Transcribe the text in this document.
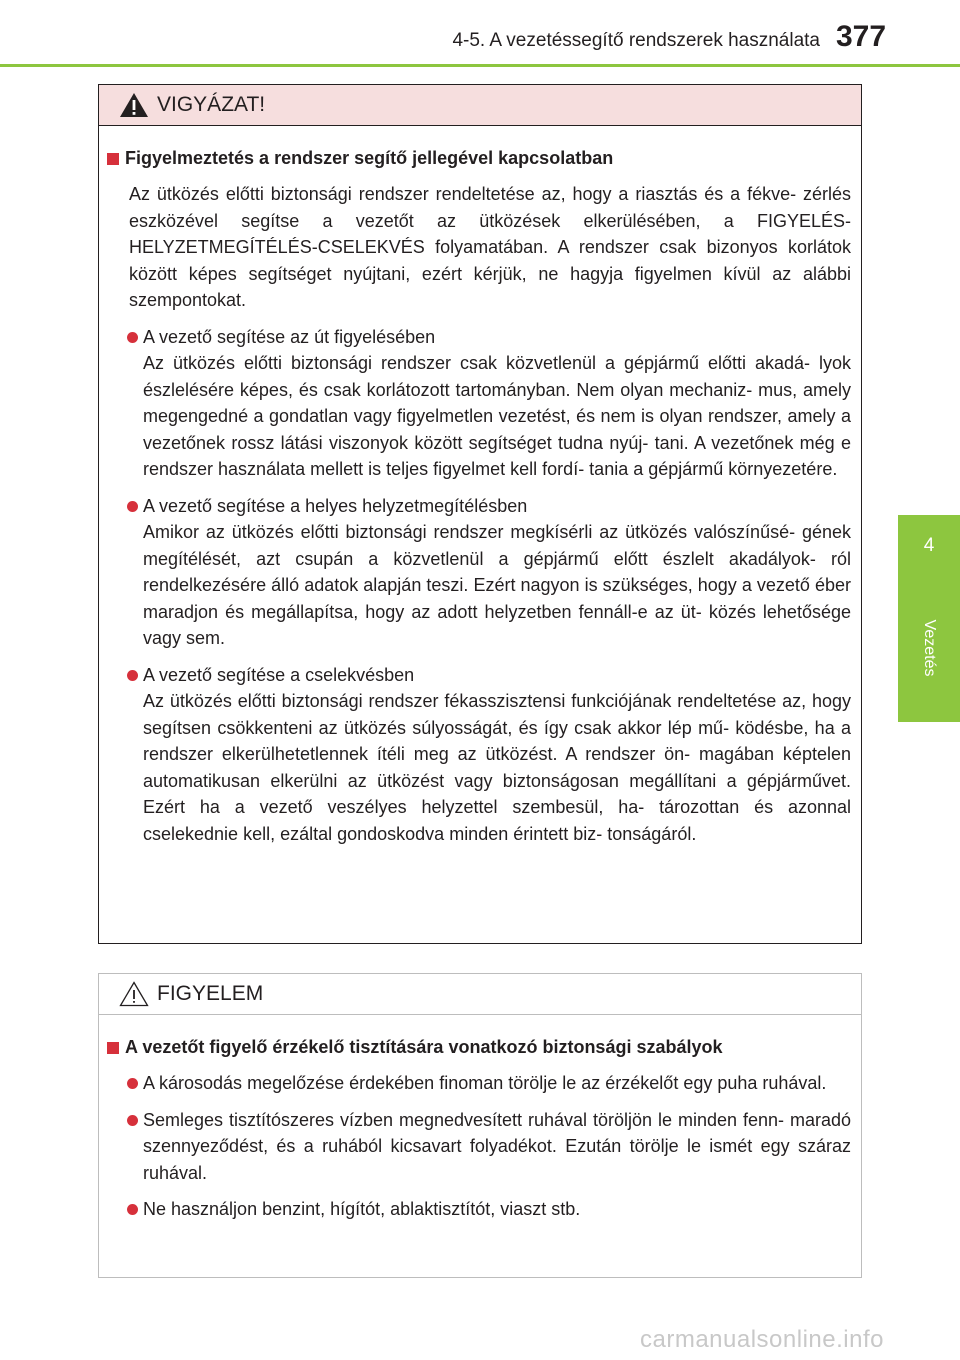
4-5. A vezetéssegítő rendszerek használata 377
4
Vezetés
VIGYÁZAT!
Figyelmeztetés a rendszer segítő jellegével kapcsolatban

Az ütközés előtti biztonsági rendszer rendeltetése az, hogy a riasztás és a fékve- zérlés eszközével segítse a vezetőt az ütközések elkerülésében, a FIGYELÉS-HELYZETMEGÍTÉLÉS-CSELEKVÉS folyamatában. A rendszer csak bizonyos korlátok között képes segítséget nyújtani, ezért kérjük, ne hagyja figyelmen kívül az alábbi szempontokat.

A vezető segítése az út figyelésében
Az ütközés előtti biztonsági rendszer csak közvetlenül a gépjármű előtti akadá- lyok észlelésére képes, és csak korlátozott tartományban. Nem olyan mechaniz- mus, amely megengedné a gondatlan vagy figyelmetlen vezetést, és nem is olyan rendszer, amely a vezetőnek rossz látási viszonyok között segítséget tudna nyúj- tani. A vezetőnek még e rendszer használata mellett is teljes figyelmet kell fordí- tania a gépjármű környezetére.
A vezető segítése a helyes helyzetmegítélésben
Amikor az ütközés előtti biztonsági rendszer megkísérli az ütközés valószínűsé- gének megítélését, azt csupán a közvetlenül a gépjármű előtt észlelt akadályok- ról rendelkezésére álló adatok alapján teszi. Ezért nagyon is szükséges, hogy a vezető éber maradjon és megállapítsa, hogy az adott helyzetben fennáll-e az üt- közés lehetősége vagy sem.
A vezető segítése a cselekvésben
Az ütközés előtti biztonsági rendszer fékasszisztensi funkciójának rendeltetése az, hogy segítsen csökkenteni az ütközés súlyosságát, és így csak akkor lép mű- ködésbe, ha a rendszer elkerülhetetlennek ítéli meg az ütközést. A rendszer ön- magában képtelen automatikusan elkerülni az ütközést vagy biztonságosan megállítani a gépjárművet. Ezért ha a vezető veszélyes helyzettel szembesül, ha- tározottan és azonnal cselekednie kell, ezáltal gondoskodva minden érintett biz- tonságáról.
FIGYELEM
A vezetőt figyelő érzékelő tisztítására vonatkozó biztonsági szabályok
A károsodás megelőzése érdekében finoman törölje le az érzékelőt egy puha ruhával.
Semleges tisztítószeres vízben megnedvesített ruhával töröljön le minden fenn- maradó szennyeződést, és a ruhából kicsavart folyadékot. Ezután törölje le ismét egy száraz ruhával.
Ne használjon benzint, hígítót, ablaktisztítót, viaszt stb.
carmanualsonline.info
